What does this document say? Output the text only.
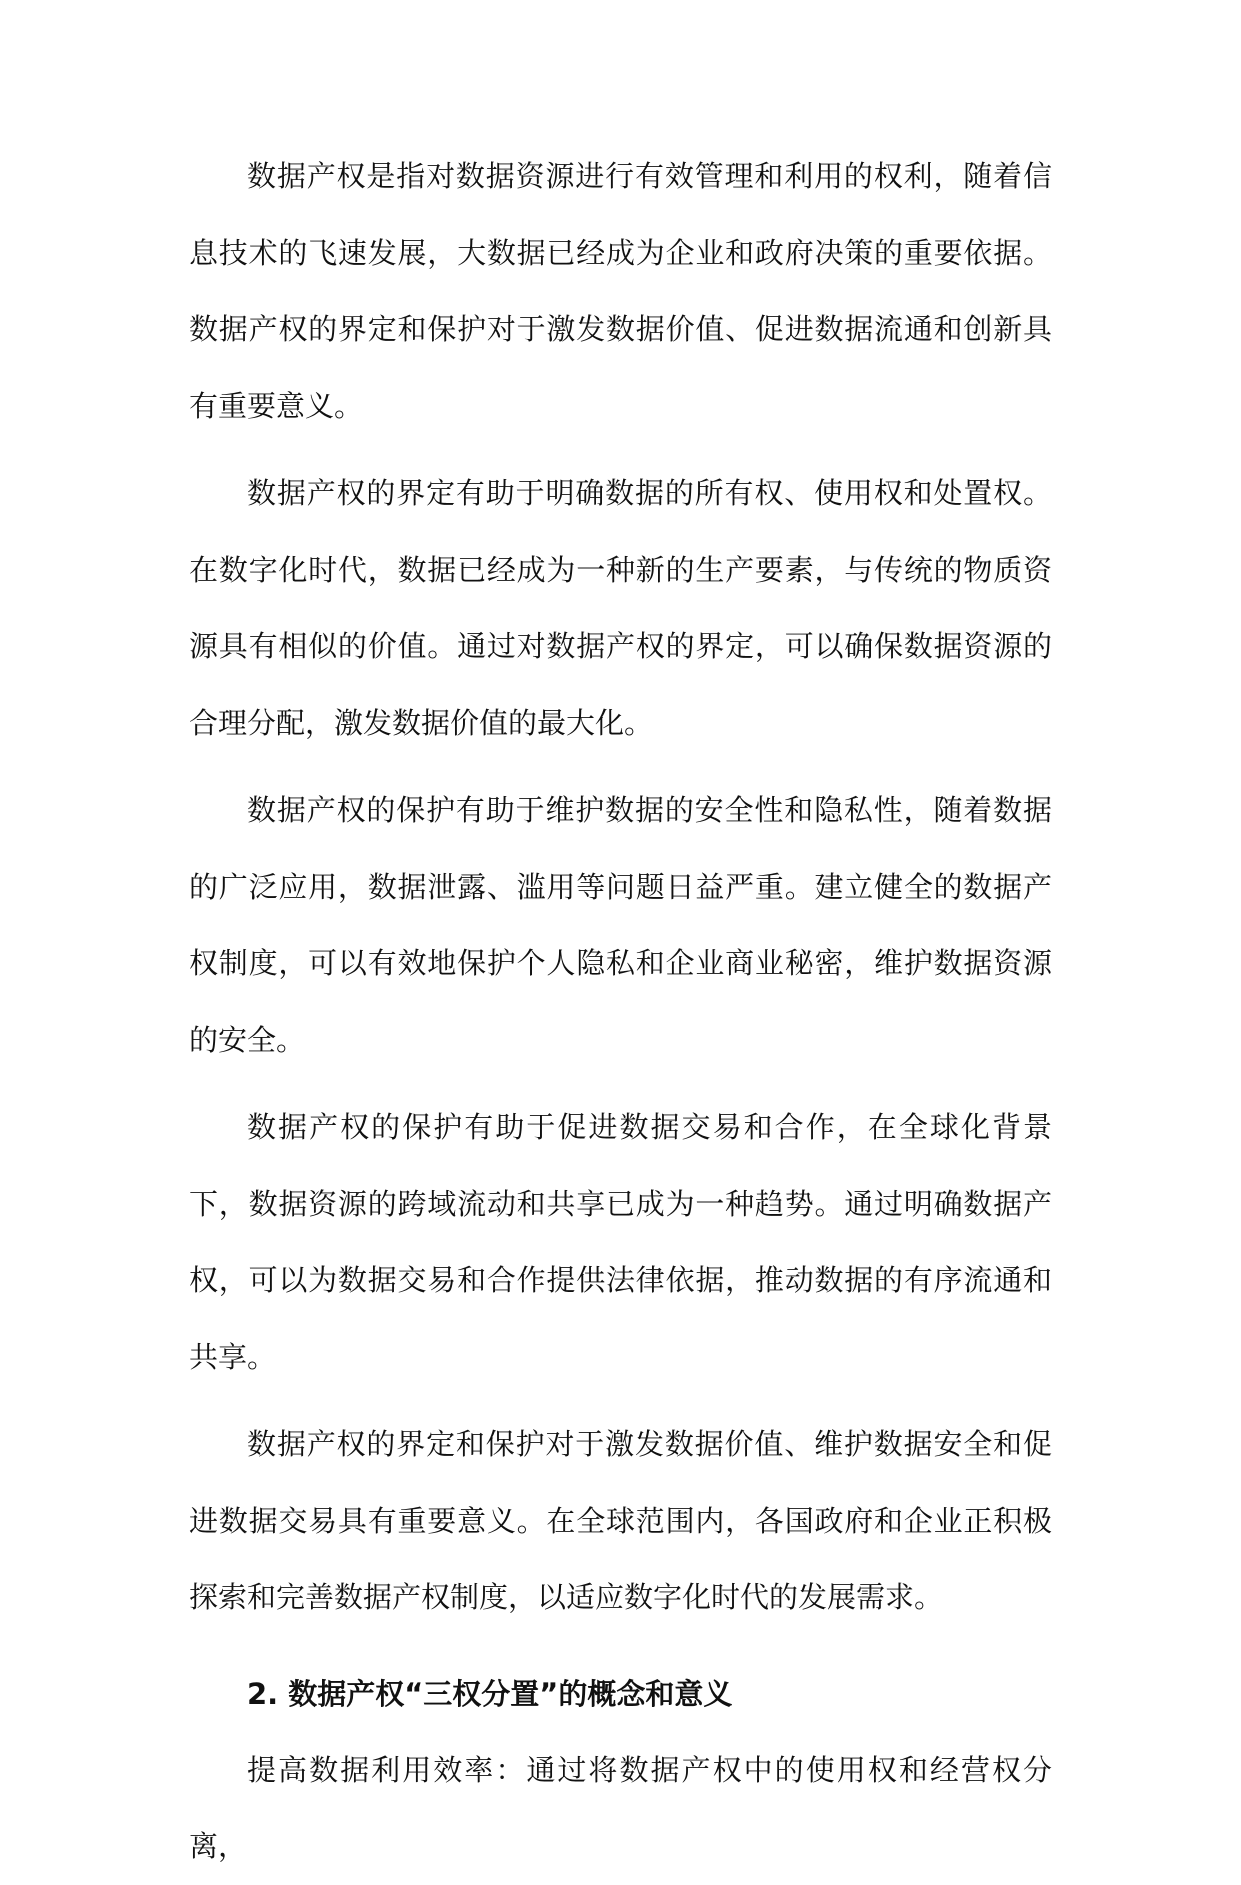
数据产权是指对数据资源进行有效管理和利用的权利，随着信息技术的飞速发展，大数据已经成为企业和政府决策的重要依据。数据产权的界定和保护对于激发数据价值、促进数据流通和创新具有重要意义。

数据产权的界定有助于明确数据的所有权、使用权和处置权。在数字化时代，数据已经成为一种新的生产要素，与传统的物质资源具有相似的价值。通过对数据产权的界定，可以确保数据资源的合理分配，激发数据价值的最大化。

数据产权的保护有助于维护数据的安全性和隐私性，随着数据的广泛应用，数据泄露、滥用等问题日益严重。建立健全的数据产权制度，可以有效地保护个人隐私和企业商业秘密，维护数据资源的安全。

数据产权的保护有助于促进数据交易和合作，在全球化背景下，数据资源的跨域流动和共享已成为一种趋势。通过明确数据产权，可以为数据交易和合作提供法律依据，推动数据的有序流通和共享。

数据产权的界定和保护对于激发数据价值、维护数据安全和促进数据交易具有重要意义。在全球范围内，各国政府和企业正积极探索和完善数据产权制度，以适应数字化时代的发展需求。

2. 数据产权“三权分置”的概念和意义

提高数据利用效率：通过将数据产权中的使用权和经营权分离，
